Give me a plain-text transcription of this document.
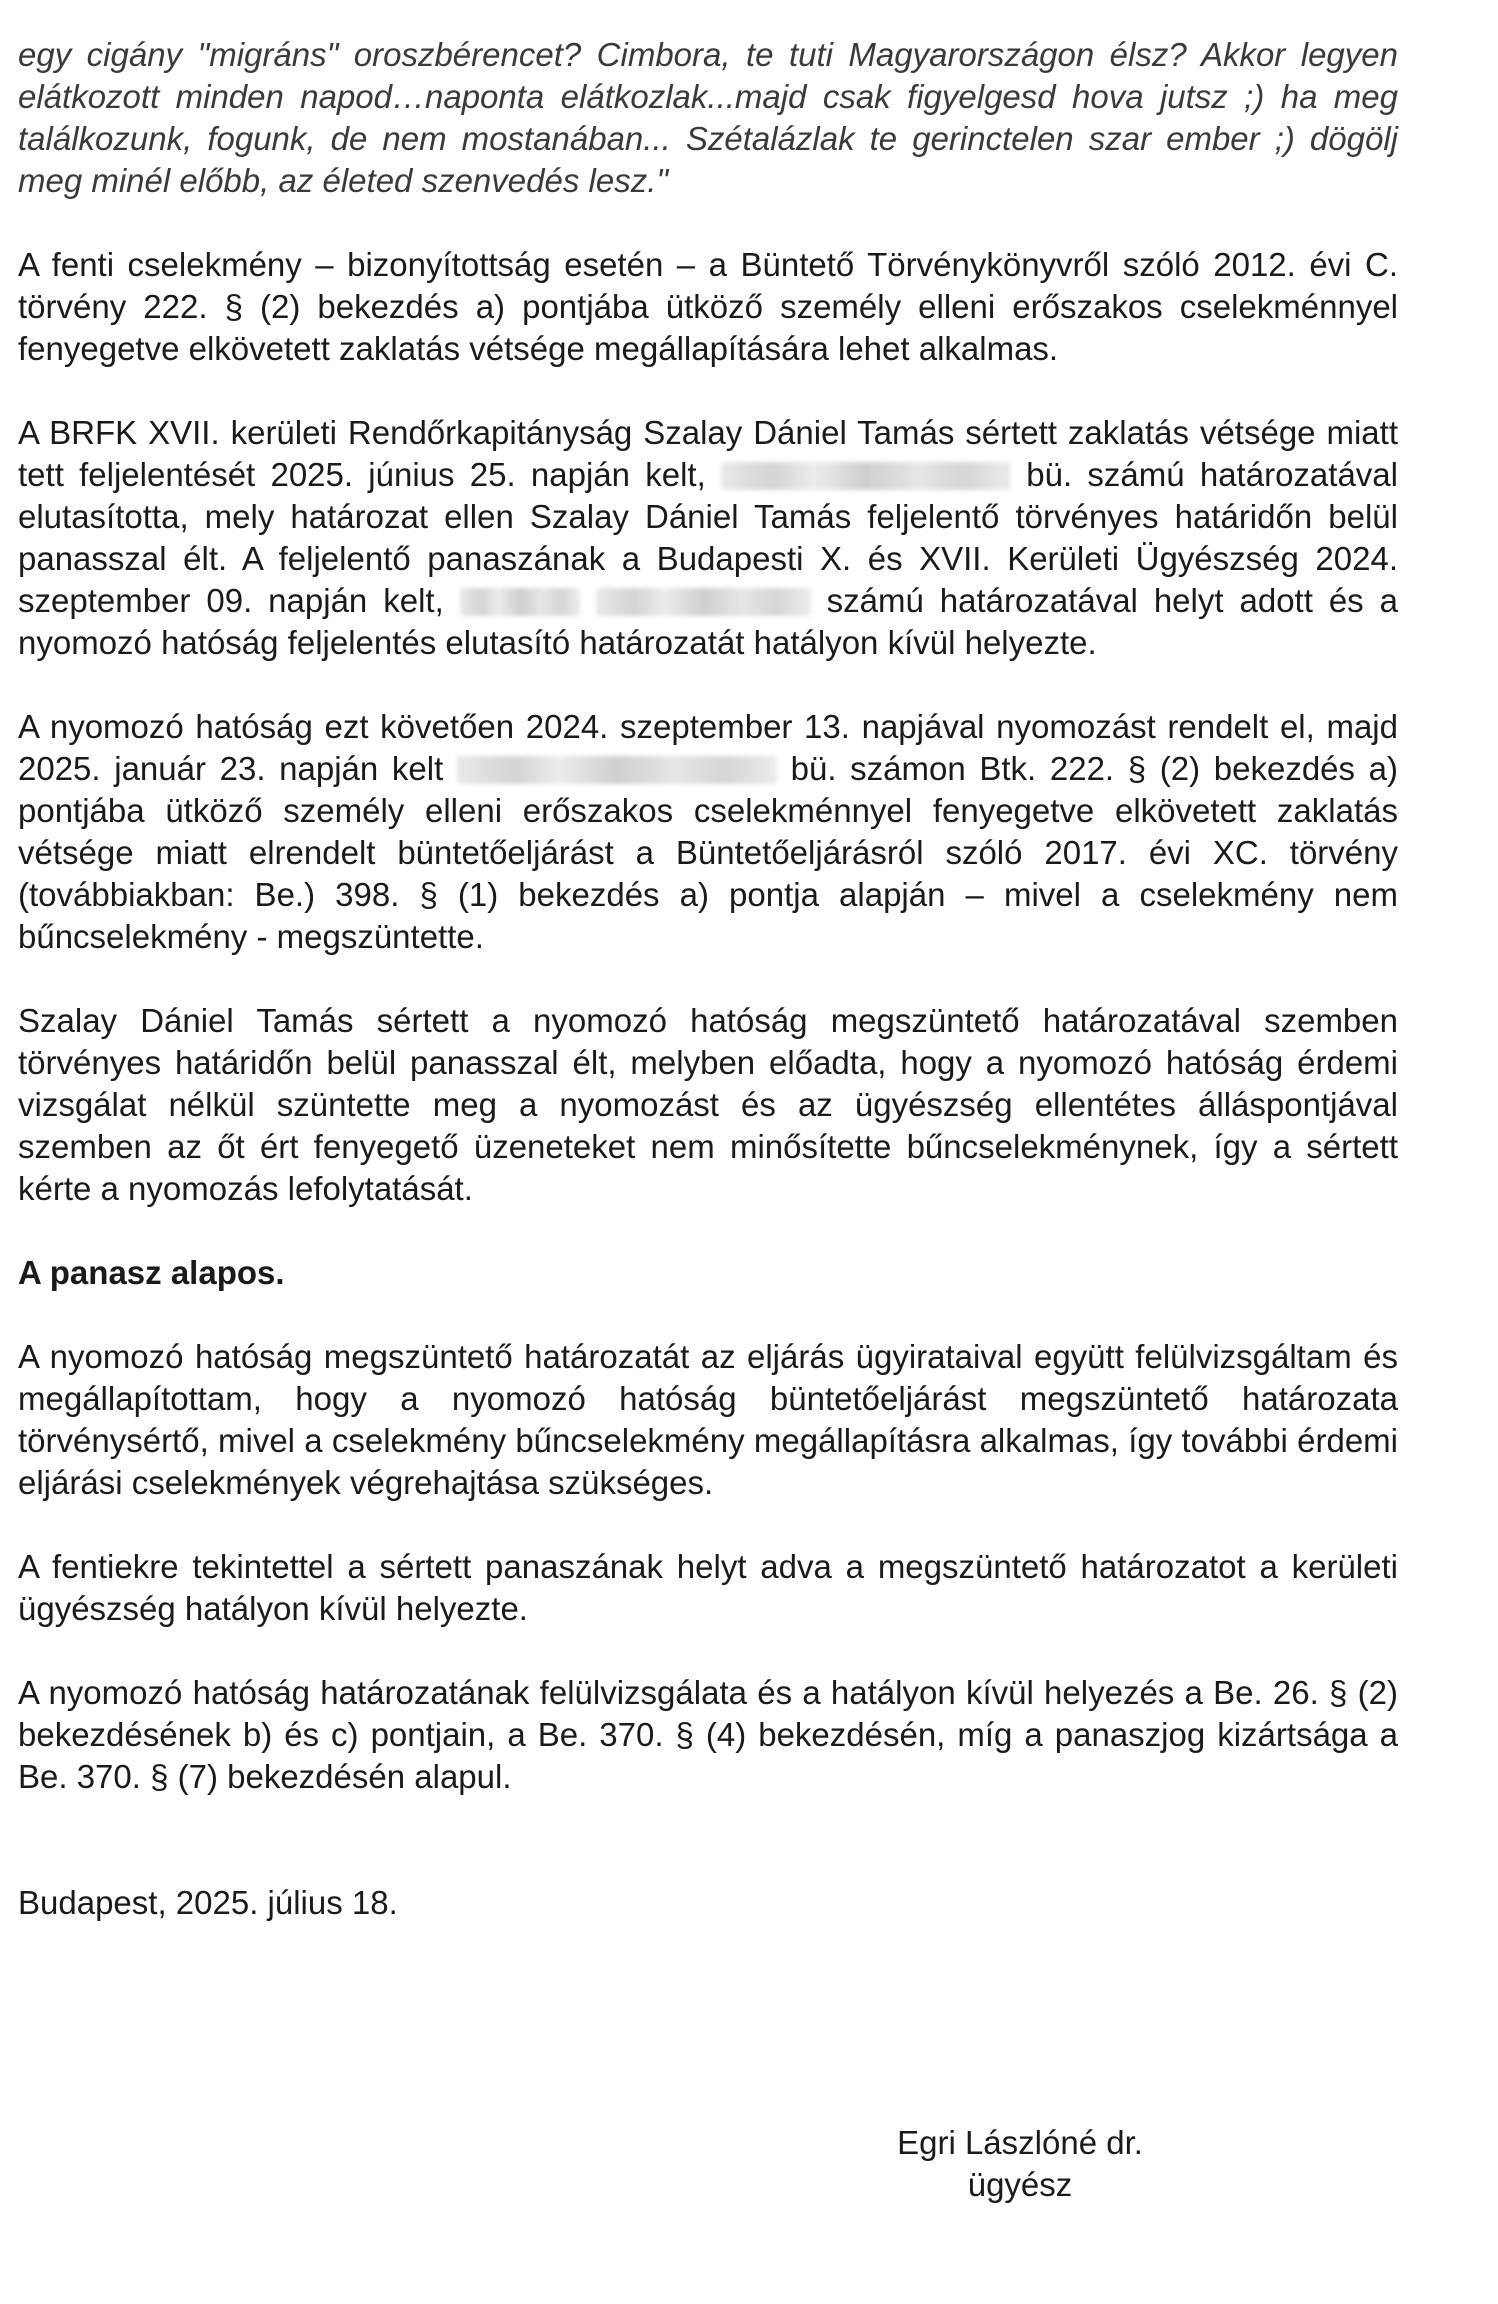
egy cigány "migráns" oroszbérencet? Cimbora, te tuti Magyarországon élsz? Akkor legyen elátkozott minden napod…naponta elátkozlak...majd csak figyelgesd hova jutsz ;) ha meg találkozunk, fogunk, de nem mostanában... Szétalázlak te gerinctelen szar ember ;) dögölj meg minél előbb, az életed szenvedés lesz."

A fenti cselekmény – bizonyítottság esetén – a Büntető Törvénykönyvről szóló 2012. évi C. törvény 222. § (2) bekezdés a) pontjába ütköző személy elleni erőszakos cselekménnyel fenyegetve elkövetett zaklatás vétsége megállapítására lehet alkalmas.

A BRFK XVII. kerületi Rendőrkapitányság Szalay Dániel Tamás sértett zaklatás vétsége miatt tett feljelentését 2025. június 25. napján kelt,	bü. számú határozatával elutasította, mely határozat ellen Szalay Dániel Tamás feljelentő törvényes határidőn belül panasszal élt. A feljelentő panaszának a Budapesti X. és XVII. Kerületi Ügyészség 2024. szeptember 09. napján kelt,	számú határozatával helyt adott és a nyomozó hatóság feljelentés elutasító határozatát hatályon kívül helyezte.

A nyomozó hatóság ezt követően 2024. szeptember 13. napjával nyomozást rendelt el, majd 2025. január 23. napján kelt	bü. számon Btk. 222. § (2) bekezdés a) pontjába ütköző személy elleni erőszakos cselekménnyel fenyegetve elkövetett zaklatás vétsége miatt elrendelt büntetőeljárást a Büntetőeljárásról szóló 2017. évi XC. törvény (továbbiakban: Be.) 398. § (1) bekezdés a) pontja alapján – mivel a cselekmény nem bűncselekmény - megszüntette.

Szalay Dániel Tamás sértett a nyomozó hatóság megszüntető határozatával szemben törvényes határidőn belül panasszal élt, melyben előadta, hogy a nyomozó hatóság érdemi vizsgálat nélkül szüntette meg a nyomozást és az ügyészség ellentétes álláspontjával szemben az őt ért fenyegető üzeneteket nem minősítette bűncselekménynek, így a sértett kérte a nyomozás lefolytatását.

A panasz alapos.

A nyomozó hatóság megszüntető határozatát az eljárás ügyirataival együtt felülvizsgáltam és megállapítottam, hogy a nyomozó hatóság büntetőeljárást megszüntető határozata törvénysértő, mivel a cselekmény bűncselekmény megállapításra alkalmas, így további érdemi eljárási cselekmények végrehajtása szükséges.

A fentiekre tekintettel a sértett panaszának helyt adva a megszüntető határozatot a kerületi ügyészség hatályon kívül helyezte.

A nyomozó hatóság határozatának felülvizsgálata és a hatályon kívül helyezés a Be. 26. § (2) bekezdésének b) és c) pontjain, a Be. 370. § (4) bekezdésén, míg a panaszjog kizártsága a Be. 370. § (7) bekezdésén alapul.

Budapest, 2025. július 18.

Egri Lászlóné dr.
ügyész
